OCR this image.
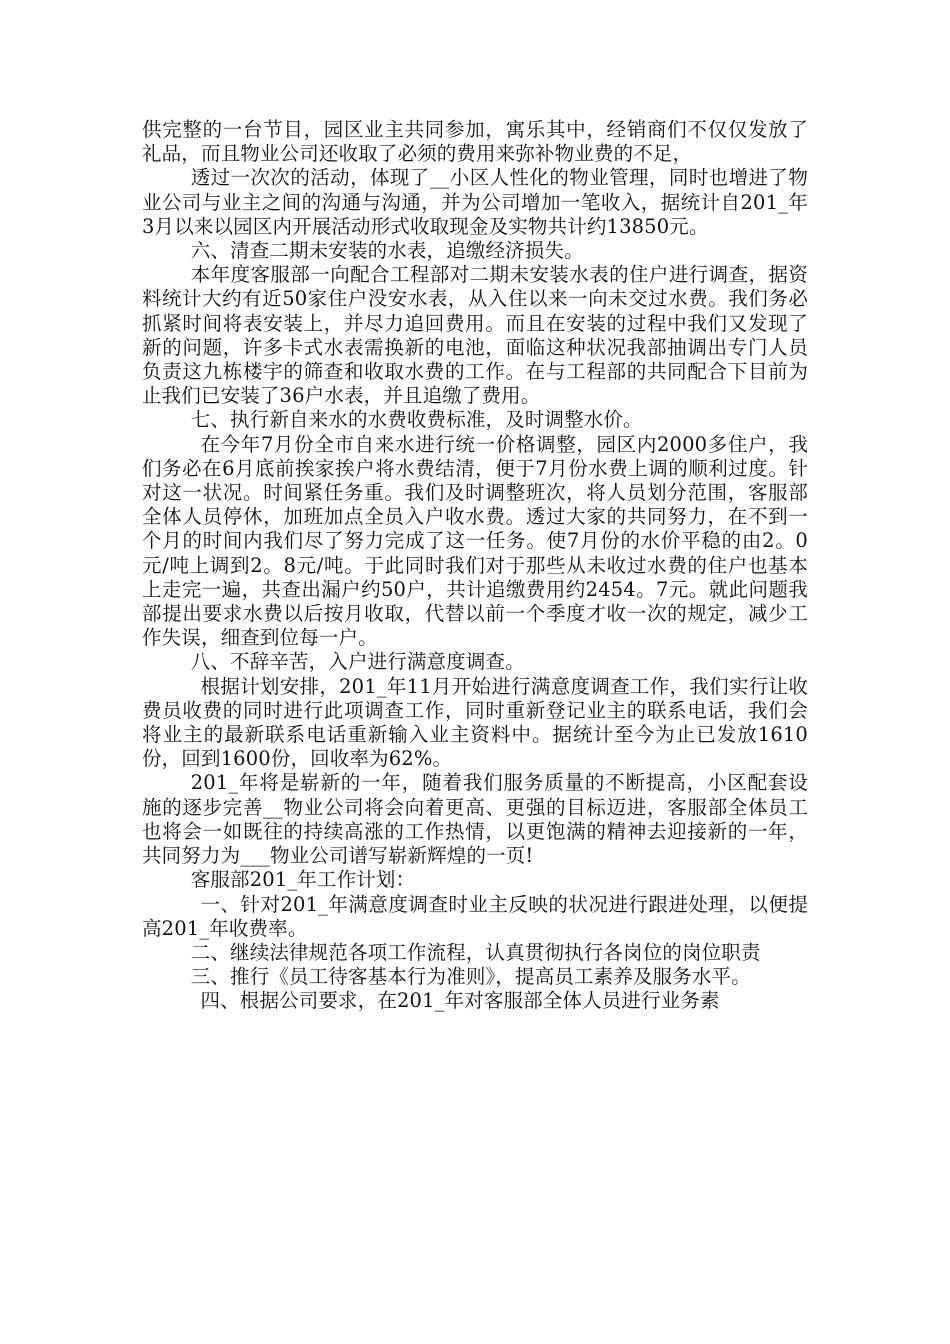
供完整的一台节目，园区业主共同参加，寓乐其中，经销商们不仅仅发放了礼品，而且物业公司还收取了必须的费用来弥补物业费的不足，

透过一次次的活动，体现了__小区人性化的物业管理，同时也增进了物业公司与业主之间的沟通与沟通，并为公司增加一笔收入，据统计自201_年3月以来以园区内开展活动形式收取现金及实物共计约13850元。

六、清查二期未安装的水表，追缴经济损失。

本年度客服部一向配合工程部对二期未安装水表的住户进行调查，据资料统计大约有近50家住户没安水表，从入住以来一向未交过水费。我们务必抓紧时间将表安装上，并尽力追回费用。而且在安装的过程中我们又发现了新的问题，许多卡式水表需换新的电池，面临这种状况我部抽调出专门人员负责这九栋楼宇的筛查和收取水费的工作。在与工程部的共同配合下目前为止我们已安装了36户水表，并且追缴了费用。

七、执行新自来水的水费收费标准，及时调整水价。

在今年7月份全市自来水进行统一价格调整，园区内2000多住户，我们务必在6月底前挨家挨户将水费结清，便于7月份水费上调的顺利过度。针对这一状况。时间紧任务重。我们及时调整班次，将人员划分范围，客服部全体人员停休，加班加点全员入户收水费。透过大家的共同努力，在不到一个月的时间内我们尽了努力完成了这一任务。使7月份的水价平稳的由2。0元/吨上调到2。8元/吨。于此同时我们对于那些从未收过水费的住户也基本上走完一遍，共查出漏户约50户，共计追缴费用约2454。7元。就此问题我部提出要求水费以后按月收取，代替以前一个季度才收一次的规定，减少工作失误，细查到位每一户。

八、不辞辛苦，入户进行满意度调查。

根据计划安排，201_年11月开始进行满意度调查工作，我们实行让收费员收费的同时进行此项调查工作，同时重新登记业主的联系电话，我们会将业主的最新联系电话重新输入业主资料中。据统计至今为止已发放1610份，回到1600份，回收率为62%。

201_年将是崭新的一年，随着我们服务质量的不断提高，小区配套设施的逐步完善__物业公司将会向着更高、更强的目标迈进，客服部全体员工也将会一如既往的持续高涨的工作热情，以更饱满的精神去迎接新的一年，共同努力为___物业公司谱写崭新辉煌的一页!

客服部201_年工作计划：

一、针对201_年满意度调查时业主反映的状况进行跟进处理，以便提高201_年收费率。

二、继续法律规范各项工作流程，认真贯彻执行各岗位的岗位职责

三、推行《员工待客基本行为准则》，提高员工素养及服务水平。

四、根据公司要求，在201_年对客服部全体人员进行业务素
